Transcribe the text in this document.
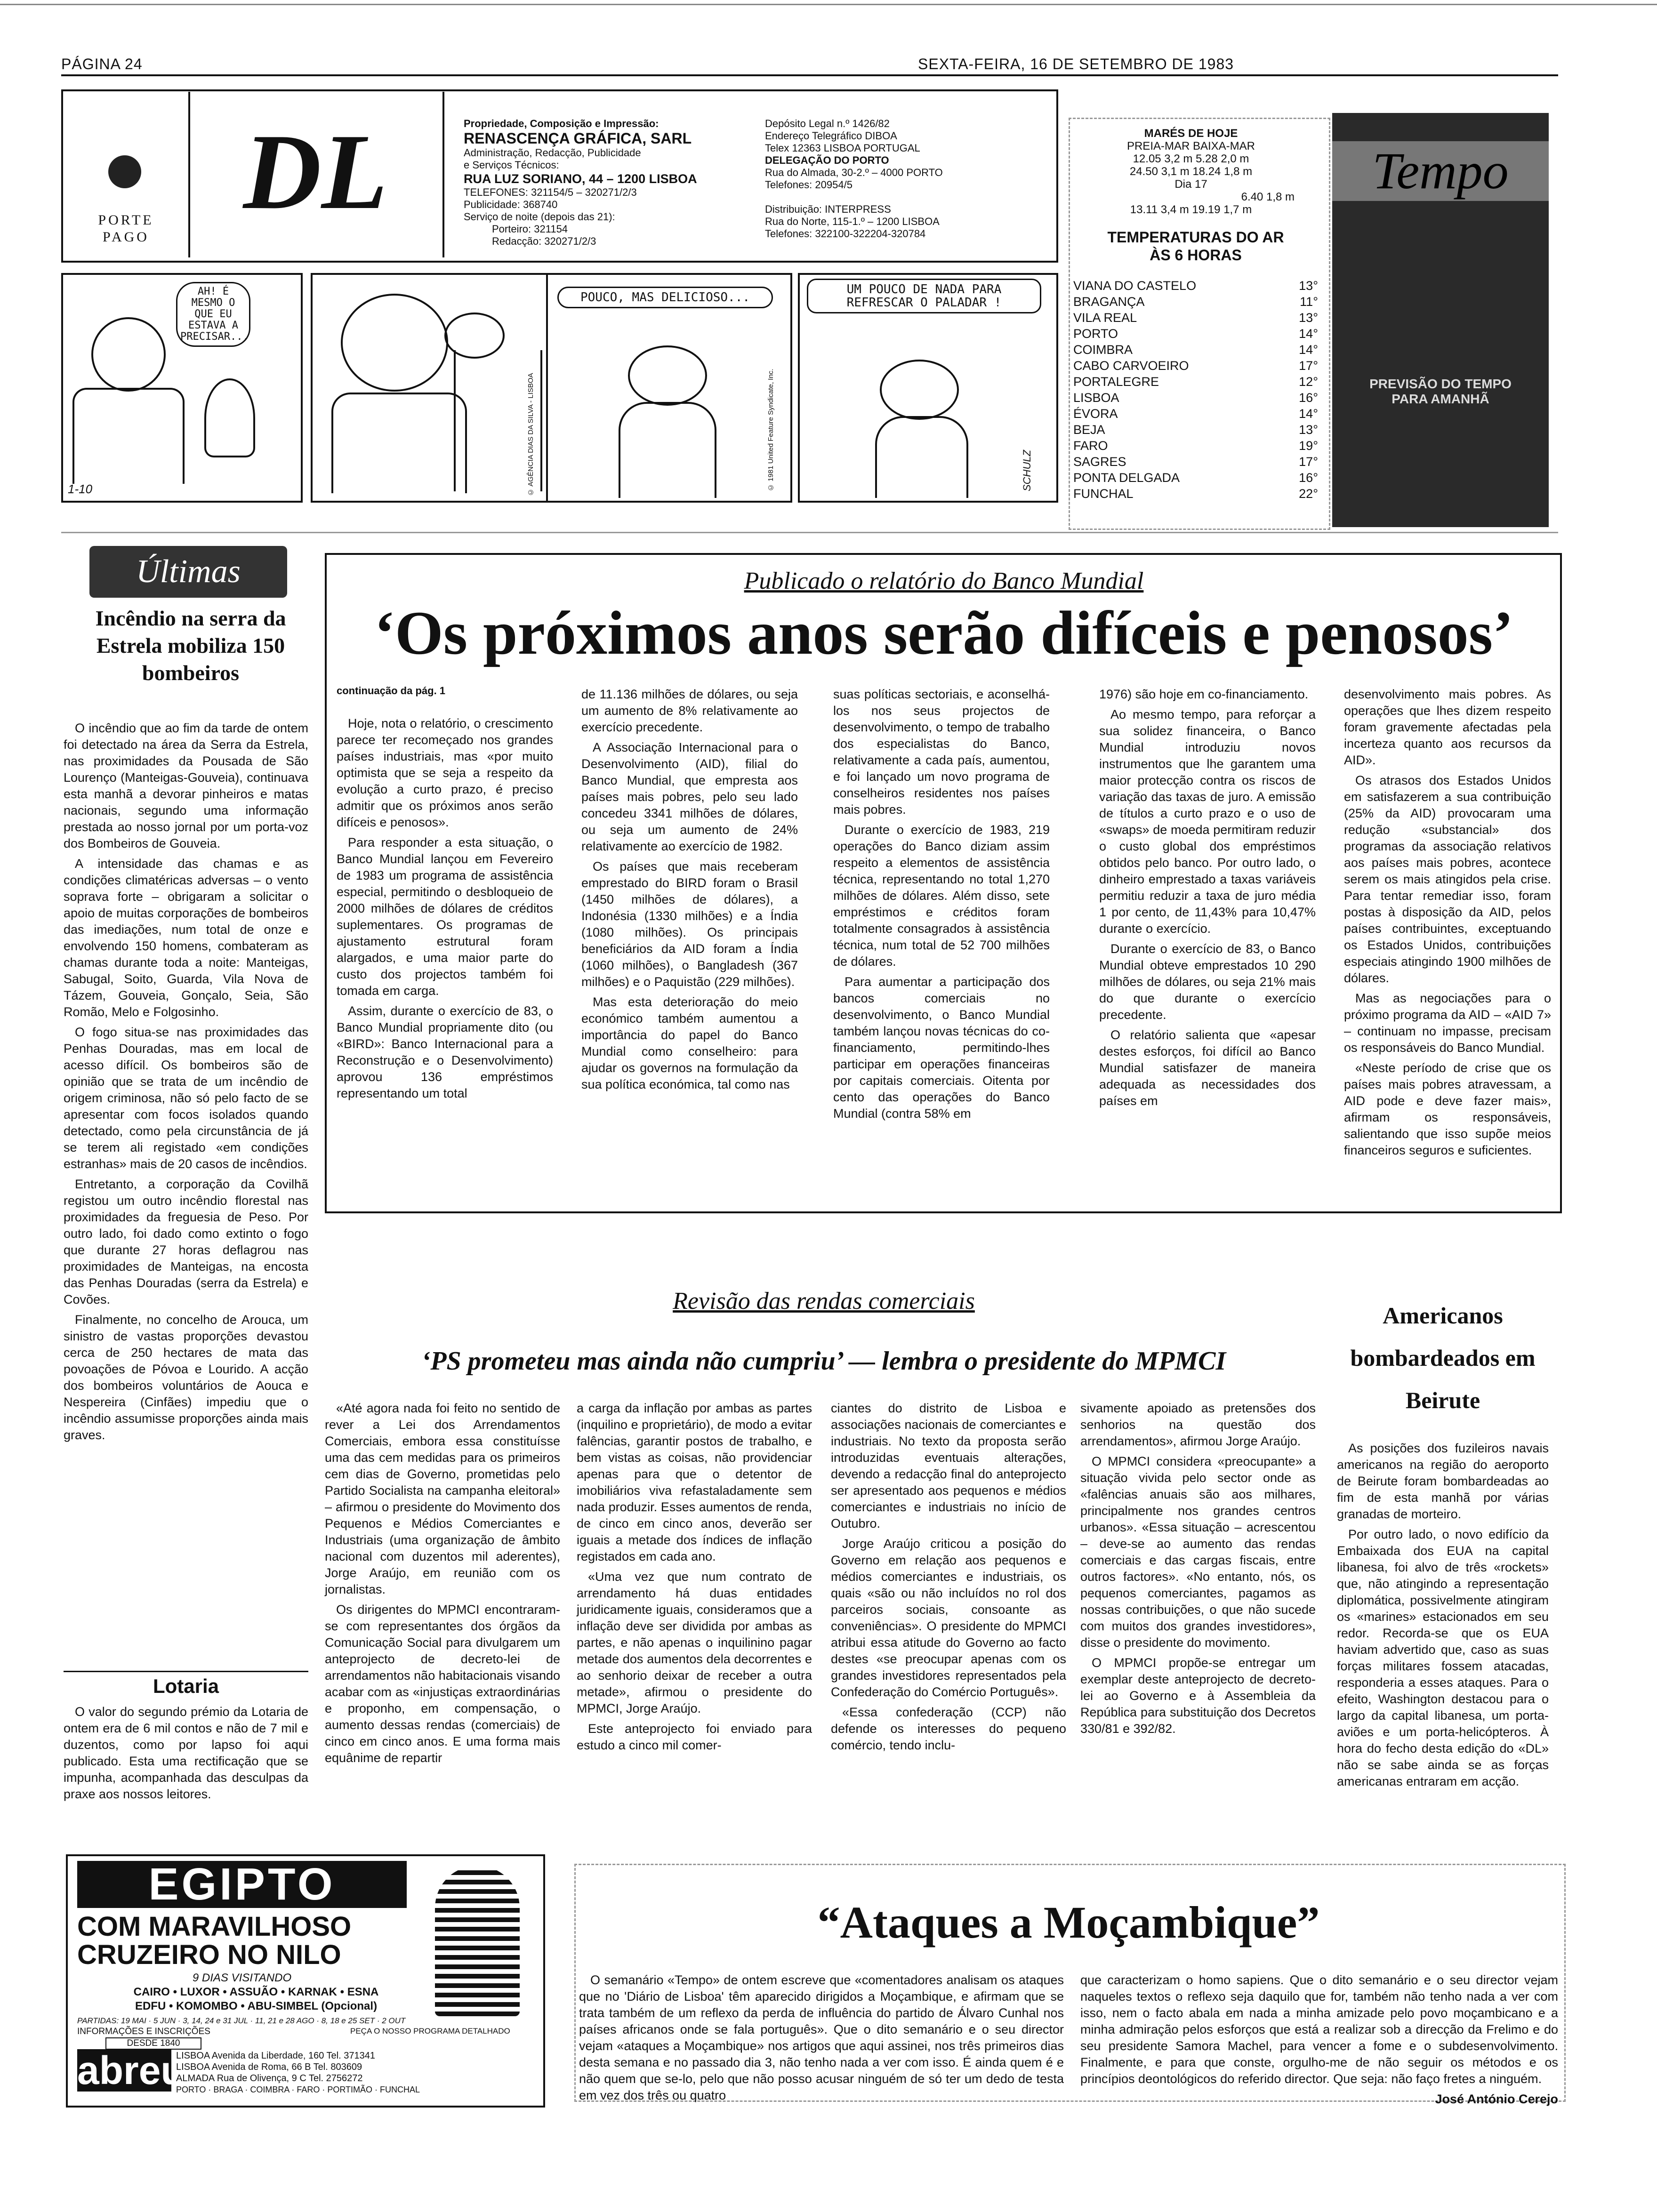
PÁGINA 24	SEXTA-FEIRA, 16 DE SETEMBRO DE 1983
PORTE
PAGO
DL	Propriedade, Composição e Impressão:
RENASCENÇA GRÁFICA, SARL
Administração, Redacção, Publicidade
e Serviços Técnicos:
RUA LUZ SORIANO, 44 – 1200 LISBOA
TELEFONES: 321154/5 – 320271/2/3
Publicidade: 368740
Serviço de noite (depois das 21):
Porteiro: 321154
Redacção: 320271/2/3
Depósito Legal n.º 1426/82
Endereço Telegráfico DIBOA
Telex 12363 LISBOA PORTUGAL
DELEGAÇÃO DO PORTO
Rua do Almada, 30-2.º – 4000 PORTO
Telefones: 20954/5
Distribuição: INTERPRESS
Rua do Norte, 115-1.º – 1200 LISBOA
Telefones: 322100-322204-320784
AH! É MESMO O QUE EU ESTAVA A PRECISAR...
1-10	© AGÊNCIA DIAS DA SILVA - LISBOA
POUCO, MAS DELICIOSO...
© 1981 United Feature Syndicate, Inc.
UM POUCO DE NADA PARA REFRESCAR O PALADAR !
SCHULZ
MARÉS DE HOJE
PREIA-MAR BAIXA-MAR
12.05 3,2 m 5.28 2,0 m
24.50 3,1 m 18.24 1,8 m
Dia 17
6.40 1,8 m
13.11 3,4 m 19.19 1,7 m
TEMPERATURAS DO AR
ÀS 6 HORAS
VIANA DO CASTELO	13°
BRAGANÇA	11°
VILA REAL	13°
PORTO	14°
COIMBRA	14°
CABO CARVOEIRO	17°
PORTALEGRE	12°
LISBOA	16°
ÉVORA	14°
BEJA	13°
FARO	19°
SAGRES	17°
PONTA DELGADA	16°
FUNCHAL	22°
Tempo
PREVISÃO DO TEMPO PARA AMANHÃ
Últimas
Incêndio na serra da Estrela mobiliza 150 bombeiros

O incêndio que ao fim da tarde de ontem foi detectado na área da Serra da Estrela, nas proximidades da Pousada de São Lourenço (Manteigas-Gouveia), continuava esta manhã a devorar pinheiros e matas nacionais, segundo uma informação prestada ao nosso jornal por um porta-voz dos Bombeiros de Gouveia.

A intensidade das chamas e as condições climatéricas adversas – o vento soprava forte – obrigaram a solicitar o apoio de muitas corporações de bombeiros das imediações, num total de onze e envolvendo 150 homens, combateram as chamas durante toda a noite: Manteigas, Sabugal, Soito, Guarda, Vila Nova de Tázem, Gouveia, Gonçalo, Seia, São Romão, Melo e Folgosinho.

O fogo situa-se nas proximidades das Penhas Douradas, mas em local de acesso difícil. Os bombeiros são de opinião que se trata de um incêndio de origem criminosa, não só pelo facto de se apresentar com focos isolados quando detectado, como pela circunstância de já se terem ali registado «em condições estranhas» mais de 20 casos de incêndios.

Entretanto, a corporação da Covilhã registou um outro incêndio florestal nas proximidades da freguesia de Peso. Por outro lado, foi dado como extinto o fogo que durante 27 horas deflagrou nas proximidades de Manteigas, na encosta das Penhas Douradas (serra da Estrela) e Covões.

Finalmente, no concelho de Arouca, um sinistro de vastas proporções devastou cerca de 250 hectares de mata das povoações de Póvoa e Lourido. A acção dos bombeiros voluntários de Aouca e Nespereira (Cinfães) impediu que o incêndio assumisse proporções ainda mais graves.

Lotaria

O valor do segundo prémio da Lotaria de ontem era de 6 mil contos e não de 7 mil e duzentos, como por lapso foi aqui publicado. Esta uma rectificação que se impunha, acompanhada das desculpas da praxe aos nossos leitores.

Publicado o relatório do Banco Mundial
‘Os próximos anos serão difíceis e penosos’
continuação da pág. 1

Hoje, nota o relatório, o crescimento parece ter recomeçado nos grandes países industriais, mas «por muito optimista que se seja a respeito da evolução a curto prazo, é preciso admitir que os próximos anos serão difíceis e penosos».

Para responder a esta situação, o Banco Mundial lançou em Fevereiro de 1983 um programa de assistência especial, permitindo o desbloqueio de 2000 milhões de dólares de créditos suplementares. Os programas de ajustamento estrutural foram alargados, e uma maior parte do custo dos projectos também foi tomada em carga.

Assim, durante o exercício de 83, o Banco Mundial propriamente dito (ou «BIRD»: Banco Internacional para a Reconstrução e o Desenvolvimento) aprovou 136 empréstimos representando um total

de 11.136 milhões de dólares, ou seja um aumento de 8% relativamente ao exercício precedente.

A Associação Internacional para o Desenvolvimento (AID), filial do Banco Mundial, que empresta aos países mais pobres, pelo seu lado concedeu 3341 milhões de dólares, ou seja um aumento de 24% relativamente ao exercício de 1982.

Os países que mais receberam emprestado do BIRD foram o Brasil (1450 milhões de dólares), a Indonésia (1330 milhões) e a Índia (1080 milhões). Os principais beneficiários da AID foram a Índia (1060 milhões), o Bangladesh (367 milhões) e o Paquistão (229 milhões).

Mas esta deterioração do meio económico também aumentou a importância do papel do Banco Mundial como conselheiro: para ajudar os governos na formulação da sua política económica, tal como nas

suas políticas sectoriais, e aconselhá-los nos seus projectos de desenvolvimento, o tempo de trabalho dos especialistas do Banco, relativamente a cada país, aumentou, e foi lançado um novo programa de conselheiros residentes nos países mais pobres.

Durante o exercício de 1983, 219 operações do Banco diziam assim respeito a elementos de assistência técnica, representando no total 1,270 milhões de dólares. Além disso, sete empréstimos e créditos foram totalmente consagrados à assistência técnica, num total de 52 700 milhões de dólares.

Para aumentar a participação dos bancos comerciais no desenvolvimento, o Banco Mundial também lançou novas técnicas do co-financiamento, permitindo-lhes participar em operações financeiras por capitais comerciais. Oitenta por cento das operações do Banco Mundial (contra 58% em

1976) são hoje em co-financiamento.

Ao mesmo tempo, para reforçar a sua solidez financeira, o Banco Mundial introduziu novos instrumentos que lhe garantem uma maior protecção contra os riscos de variação das taxas de juro. A emissão de títulos a curto prazo e o uso de «swaps» de moeda permitiram reduzir o custo global dos empréstimos obtidos pelo banco. Por outro lado, o dinheiro emprestado a taxas variáveis permitiu reduzir a taxa de juro média 1 por cento, de 11,43% para 10,47% durante o exercício.

Durante o exercício de 83, o Banco Mundial obteve emprestados 10 290 milhões de dólares, ou seja 21% mais do que durante o exercício precedente.

O relatório salienta que «apesar destes esforços, foi difícil ao Banco Mundial satisfazer de maneira adequada as necessidades dos países em

desenvolvimento mais pobres. As operações que lhes dizem respeito foram gravemente afectadas pela incerteza quanto aos recursos da AID».

Os atrasos dos Estados Unidos em satisfazerem a sua contribuição (25% da AID) provocaram uma redução «substancial» dos programas da associação relativos aos países mais pobres, acontece serem os mais atingidos pela crise. Para tentar remediar isso, foram postas à disposição da AID, pelos países contribuintes, exceptuando os Estados Unidos, contribuições especiais atingindo 1900 milhões de dólares.

Mas as negociações para o próximo programa da AID – «AID 7» – continuam no impasse, precisam os responsáveis do Banco Mundial.

«Neste período de crise que os países mais pobres atravessam, a AID pode e deve fazer mais», afirmam os responsáveis, salientando que isso supõe meios financeiros seguros e suficientes.

Revisão das rendas comerciais
‘PS prometeu mas ainda não cumpriu’ — lembra o presidente do MPMCI

«Até agora nada foi feito no sentido de rever a Lei dos Arrendamentos Comerciais, embora essa constituísse uma das cem medidas para os primeiros cem dias de Governo, prometidas pelo Partido Socialista na campanha eleitoral» – afirmou o presidente do Movimento dos Pequenos e Médios Comerciantes e Industriais (uma organização de âmbito nacional com duzentos mil aderentes), Jorge Araújo, em reunião com os jornalistas.

Os dirigentes do MPMCI encontraram-se com representantes dos órgãos da Comunicação Social para divulgarem um anteprojecto de decreto-lei de arrendamentos não habitacionais visando acabar com as «injustiças extraordinárias e proponho, em compensação, o aumento dessas rendas (comerciais) de cinco em cinco anos. E uma forma mais equânime de repartir

a carga da inflação por ambas as partes (inquilino e proprietário), de modo a evitar falências, garantir postos de trabalho, e bem vistas as coisas, não providenciar apenas para que o detentor de imobiliários viva refastaladamente sem nada produzir. Esses aumentos de renda, de cinco em cinco anos, deverão ser iguais a metade dos índices de inflação registados em cada ano.

«Uma vez que num contrato de arrendamento há duas entidades juridicamente iguais, consideramos que a inflação deve ser dividida por ambas as partes, e não apenas o inquilinino pagar metade dos aumentos dela decorrentes e ao senhorio deixar de receber a outra metade», afirmou o presidente do MPMCI, Jorge Araújo.

Este anteprojecto foi enviado para estudo a cinco mil comer-

ciantes do distrito de Lisboa e associações nacionais de comerciantes e industriais. No texto da proposta serão introduzidas eventuais alterações, devendo a redacção final do anteprojecto ser apresentado aos pequenos e médios comerciantes e industriais no início de Outubro.

Jorge Araújo criticou a posição do Governo em relação aos pequenos e médios comerciantes e industriais, os quais «são ou não incluídos no rol dos parceiros sociais, consoante as conveniências». O presidente do MPMCI atribui essa atitude do Governo ao facto destes «se preocupar apenas com os grandes investidores representados pela Confederação do Comércio Português».

«Essa confederação (CCP) não defende os interesses do pequeno comércio, tendo inclu-

sivamente apoiado as pretensões dos senhorios na questão dos arrendamentos», afirmou Jorge Araújo.

O MPMCI considera «preocupante» a situação vivida pelo sector onde as «falências anuais são aos milhares, principalmente nos grandes centros urbanos». «Essa situação – acrescentou – deve-se ao aumento das rendas comerciais e das cargas fiscais, entre outros factores». «No entanto, nós, os pequenos comerciantes, pagamos as nossas contribuições, o que não sucede com muitos dos grandes investidores», disse o presidente do movimento.

O MPMCI propõe-se entregar um exemplar deste anteprojecto de decreto-lei ao Governo e à Assembleia da República para substituição dos Decretos 330/81 e 392/82.

Americanos bombardeados em Beirute

As posições dos fuzileiros navais americanos na região do aeroporto de Beirute foram bombardeadas ao fim de esta manhã por várias granadas de morteiro.

Por outro lado, o novo edifício da Embaixada dos EUA na capital libanesa, foi alvo de três «rockets» que, não atingindo a representação diplomática, possivelmente atingiram os «marines» estacionados em seu redor. Recorda-se que os EUA haviam advertido que, caso as suas forças militares fossem atacadas, responderia a esses ataques. Para o efeito, Washington destacou para o largo da capital libanesa, um porta-aviões e um porta-helicópteros. À hora do fecho desta edição do «DL» não se sabe ainda se as forças americanas entraram em acção.

EGIPTO
COM MARAVILHOSO
CRUZEIRO NO NILO
9 DIAS VISITANDO
CAIRO • LUXOR • ASSUÃO • KARNAK • ESNA
EDFU • KOMOMBO • ABU-SIMBEL (Opcional)
PARTIDAS: 19 MAI · 5 JUN · 3, 14, 24 e 31 JUL · 11, 21 e 28 AGO · 8, 18 e 25 SET · 2 OUT
INFORMAÇÕES E INSCRIÇÕES
DESDE 1840
PEÇA O NOSSO PROGRAMA DETALHADO
abreu
LISBOA Avenida da Liberdade, 160 Tel. 371341
LISBOA Avenida de Roma, 66 B Tel. 803609
ALMADA Rua de Olivença, 9 C Tel. 2756272
PORTO · BRAGA · COIMBRA · FARO · PORTIMÃO · FUNCHAL
“Ataques a Moçambique”

O semanário «Tempo» de ontem escreve que «comentadores analisam os ataques que no 'Diário de Lisboa' têm aparecido dirigidos a Moçambique, e afirmam que se trata também de um reflexo da perda de influência do partido de Álvaro Cunhal nos países africanos onde se fala português». Que o dito semanário e o seu director vejam «ataques a Moçambique» nos artigos que aqui assinei, nos três primeiros dias desta semana e no passado dia 3, não tenho nada a ver com isso. É ainda quem é e não quem que se-lo, pelo que não posso acusar ninguém de só ter um dedo de testa em vez dos três ou quatro

que caracterizam o homo sapiens. Que o dito semanário e o seu director vejam naqueles textos o reflexo seja daquilo que for, também não tenho nada a ver com isso, nem o facto abala em nada a minha amizade pelo povo moçambicano e a minha admiração pelos esforços que está a realizar sob a direcção da Frelimo e do seu presidente Samora Machel, para vencer a fome e o subdesenvolvimento. Finalmente, e para que conste, orgulho-me de não seguir os métodos e os princípios deontológicos do referido director. Que seja: não faço fretes a ninguém.

José António Cerejo
